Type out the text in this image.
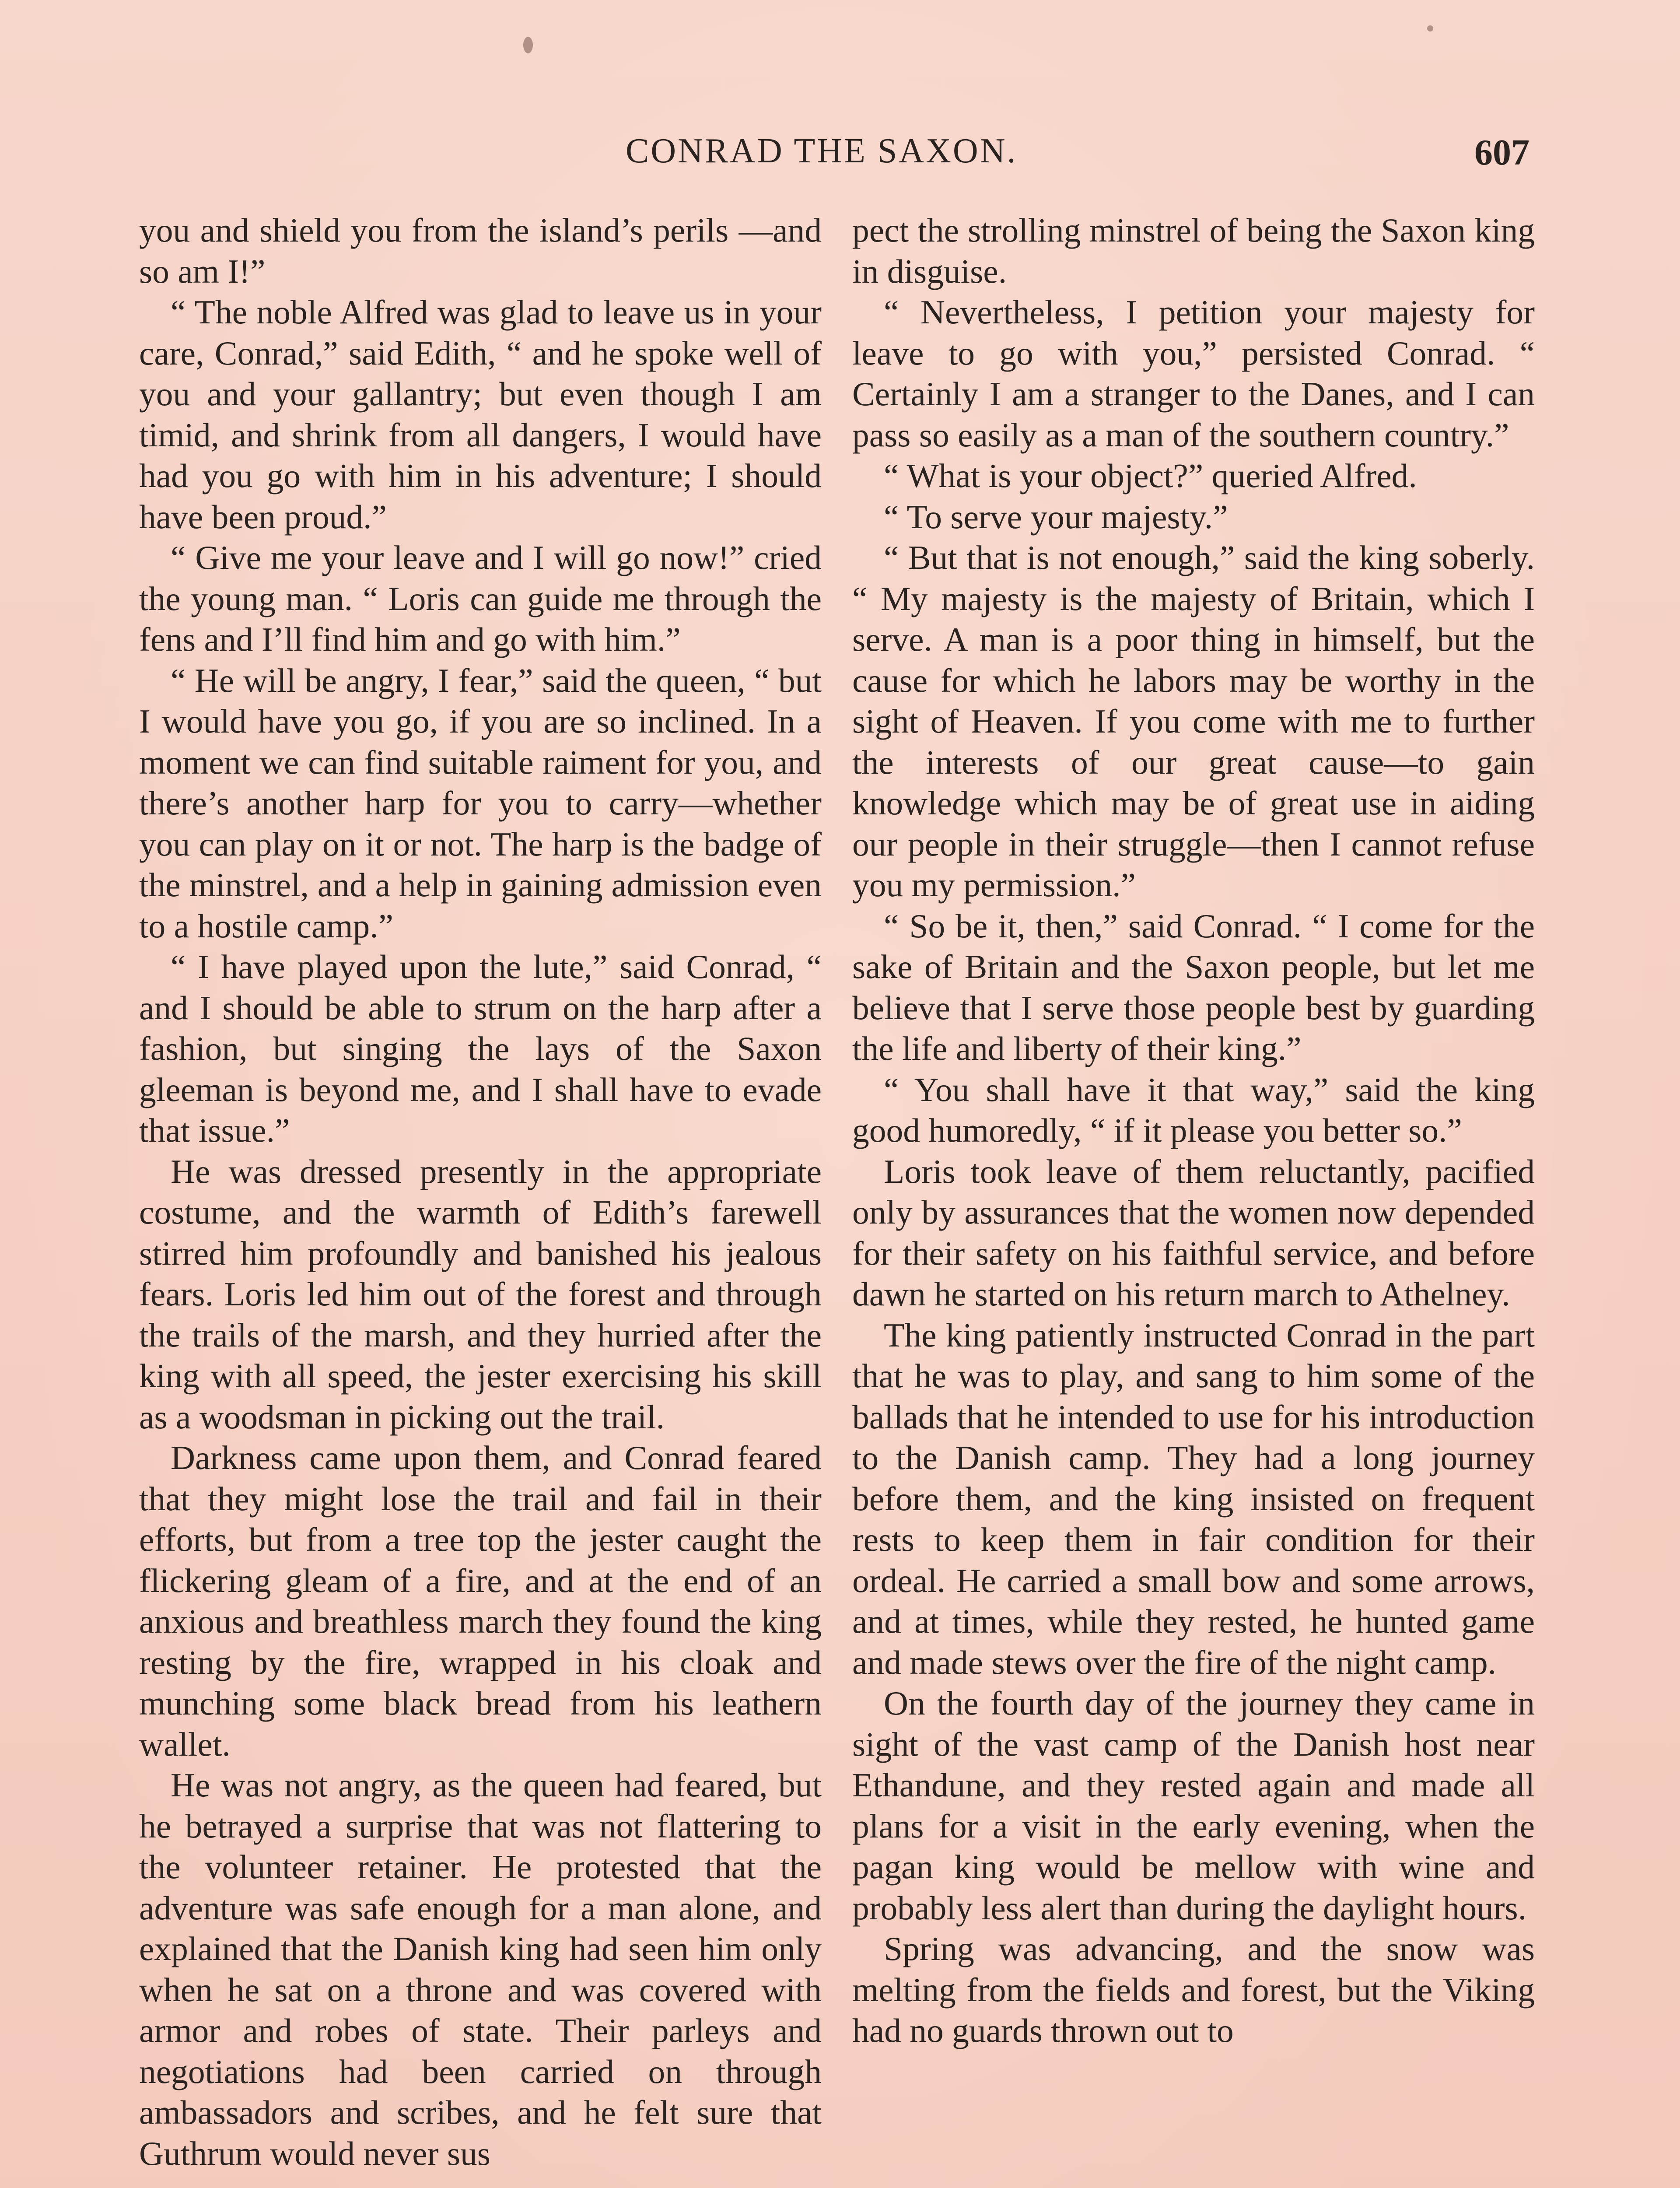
CONRAD THE SAXON.	607

you and shield you from the island’s perils —and so am I!”

“ The noble Alfred was glad to leave us in your care, Conrad,” said Edith, “ and he spoke well of you and your gallantry; but even though I am timid, and shrink from all dangers, I would have had you go with him in his adventure; I should have been proud.”

“ Give me your leave and I will go now!” cried the young man. “ Loris can guide me through the fens and I’ll find him and go with him.”

“ He will be angry, I fear,” said the queen, “ but I would have you go, if you are so inclined. In a moment we can find suitable raiment for you, and there’s another harp for you to carry—whether you can play on it or not. The harp is the badge of the minstrel, and a help in gaining admission even to a hostile camp.”

“ I have played upon the lute,” said Conrad, “ and I should be able to strum on the harp after a fashion, but singing the lays of the Saxon gleeman is beyond me, and I shall have to evade that issue.”

He was dressed presently in the appropriate costume, and the warmth of Edith’s farewell stirred him profoundly and banished his jealous fears. Loris led him out of the forest and through the trails of the marsh, and they hurried after the king with all speed, the jester exercising his skill as a woodsman in picking out the trail.

Darkness came upon them, and Conrad feared that they might lose the trail and fail in their efforts, but from a tree top the jester caught the flickering gleam of a fire, and at the end of an anxious and breathless march they found the king resting by the fire, wrapped in his cloak and munching some black bread from his leathern wallet.

He was not angry, as the queen had feared, but he betrayed a surprise that was not flattering to the volunteer retainer. He protested that the adventure was safe enough for a man alone, and explained that the Danish king had seen him only when he sat on a throne and was covered with armor and robes of state. Their parleys and negotiations had been carried on through ambassadors and scribes, and he felt sure that Guthrum would never sus

pect the strolling minstrel of being the Saxon king in disguise.

“ Nevertheless, I petition your majesty for leave to go with you,” persisted Conrad. “ Certainly I am a stranger to the Danes, and I can pass so easily as a man of the southern country.”

“ What is your object?” queried Alfred.

“ To serve your majesty.”

“ But that is not enough,” said the king soberly. “ My majesty is the majesty of Britain, which I serve. A man is a poor thing in himself, but the cause for which he labors may be worthy in the sight of Heaven. If you come with me to further the interests of our great cause—to gain knowledge which may be of great use in aiding our people in their struggle—then I cannot refuse you my permission.”

“ So be it, then,” said Conrad. “ I come for the sake of Britain and the Saxon people, but let me believe that I serve those people best by guarding the life and liberty of their king.”

“ You shall have it that way,” said the king good humoredly, “ if it please you better so.”

Loris took leave of them reluctantly, pacified only by assurances that the women now depended for their safety on his faithful service, and before dawn he started on his return march to Athelney.

The king patiently instructed Conrad in the part that he was to play, and sang to him some of the ballads that he intended to use for his introduction to the Danish camp. They had a long journey before them, and the king insisted on frequent rests to keep them in fair condition for their ordeal. He carried a small bow and some arrows, and at times, while they rested, he hunted game and made stews over the fire of the night camp.

On the fourth day of the journey they came in sight of the vast camp of the Danish host near Ethandune, and they rested again and made all plans for a visit in the early evening, when the pagan king would be mellow with wine and probably less alert than during the daylight hours.

Spring was advancing, and the snow was melting from the fields and forest, but the Viking had no guards thrown out to
